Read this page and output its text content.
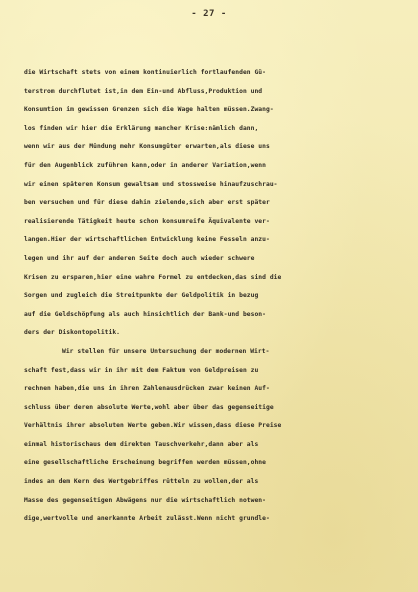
- 27 -
die Wirtschaft stets von einem kontinuierlich fortlaufenden Gü-
terstrom durchflutet ist,in dem Ein-und Abfluss,Produktion und
Konsumtion im gewissen Grenzen sich die Wage halten müssen.Zwang-
los finden wir hier die Erklärung mancher Krise:nämlich dann,
wenn wir aus der Mündung mehr Konsumgüter erwarten,als diese uns
für den Augenblick zuführen kann,oder in anderer Variation,wenn
wir einen späteren Konsum gewaltsam und stossweise hinaufzuschrau-
ben versuchen und für diese dahin zielende,sich aber erst später
realisierende Tätigkeit heute schon konsumreife Äquivalente ver-
langen.Hier der wirtschaftlichen Entwicklung keine Fesseln anzu-
legen und ihr auf der anderen Seite doch auch wieder schwere
Krisen zu ersparen,hier eine wahre Formel zu entdecken,das sind die
Sorgen und zugleich die Streitpunkte der Geldpolitik in bezug
auf die Geldschöpfung als auch hinsichtlich der Bank-und beson-
ders der Diskontopolitik.
Wir stellen für unsere Untersuchung der modernen Wirt-
schaft fest,dass wir in ihr mit dem Faktum von Geldpreisen zu
rechnen haben,die uns in ihren Zahlenausdrücken zwar keinen Auf-
schluss über deren absolute Werte,wohl aber über das gegenseitige
Verhältnis ihrer absoluten Werte geben.Wir wissen,dass diese Preise
einmal historischaus dem direkten Tauschverkehr,dann aber als
eine gesellschaftliche Erscheinung begriffen werden müssen,ohne
indes an dem Kern des Wertgebriffes rütteln zu wollen,der als
Masse des gegenseitigen Abwägens nur die wirtschaftlich notwen-
dige,wertvolle und anerkannte Arbeit zulässt.Wenn nicht grundle-
